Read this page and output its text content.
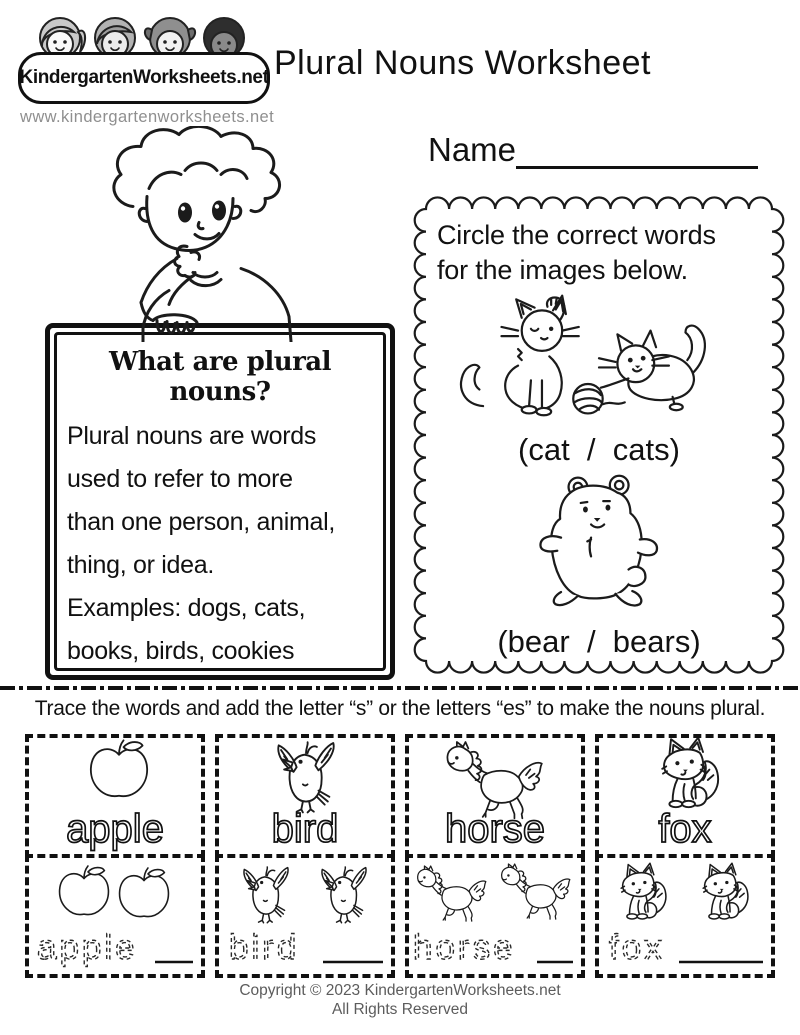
KindergartenWorksheets.net
www.kindergartenworksheets.net
Plural Nouns Worksheet
What are plural nouns?

Plural nouns are words

used to refer to more

than one person, animal,

thing, or idea.

Examples: dogs, cats,

books, birds, cookies

Name

Circle the correct words

for the images below.

(cat  /  cats)
(bear  /  bears)
Trace the words and add the letter “s” or the letters “es” to make the nouns plural.
apple
apple
bird
bird
horse
horse
fox
fox
Copyright © 2023 KindergartenWorksheets.net
All Rights Reserved
